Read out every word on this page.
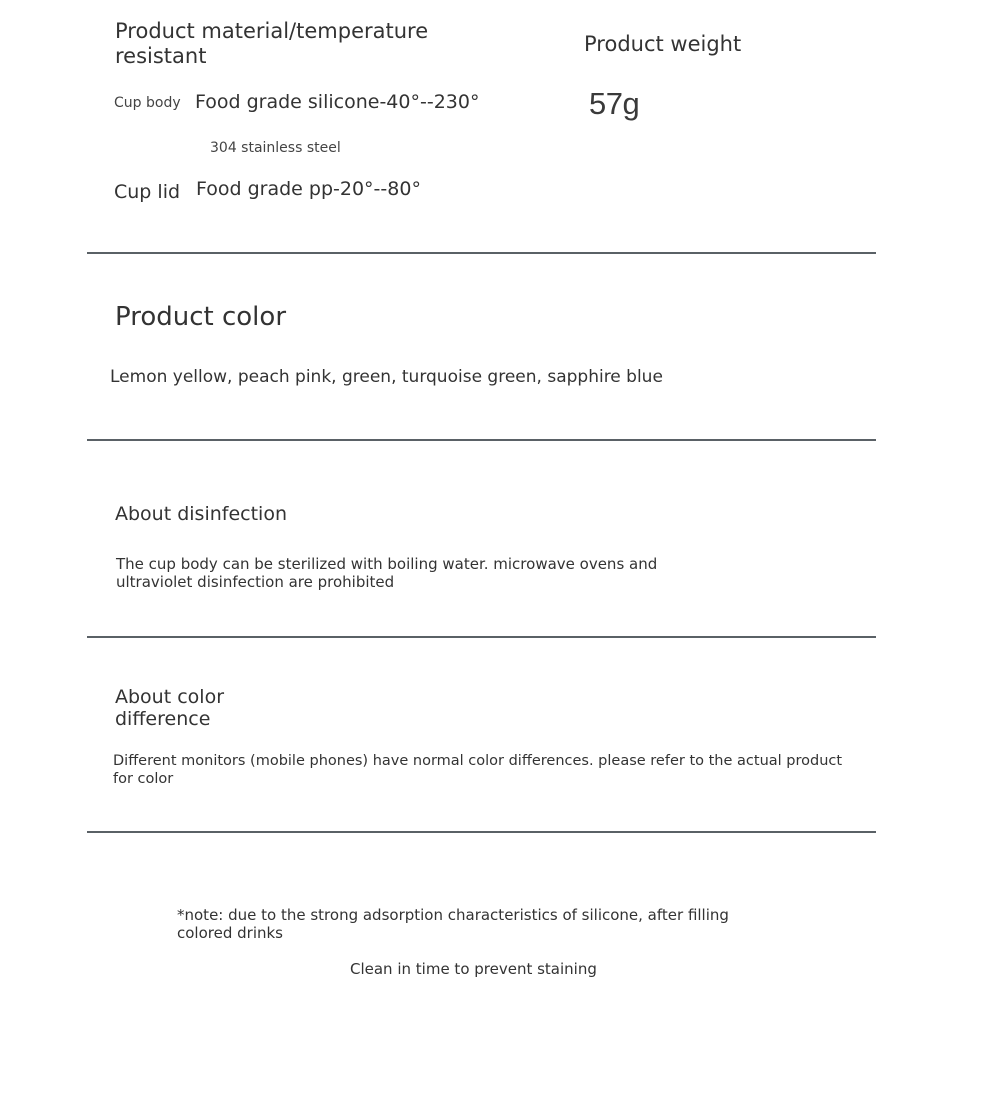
Product material/temperature
resistant
Cup body Food grade silicone-40°--230°
304 stainless steel
Cup lid Food grade pp-20°--80°
Product weight
57g
Product color
Lemon yellow, peach pink, green, turquoise green, sapphire blue
About disinfection
The cup body can be sterilized with boiling water. microwave ovens and
ultraviolet disinfection are prohibited
About color
difference
Different monitors (mobile phones) have normal color differences. please refer to the actual product
for color
*note: due to the strong adsorption characteristics of silicone, after filling
colored drinks
Clean in time to prevent staining
